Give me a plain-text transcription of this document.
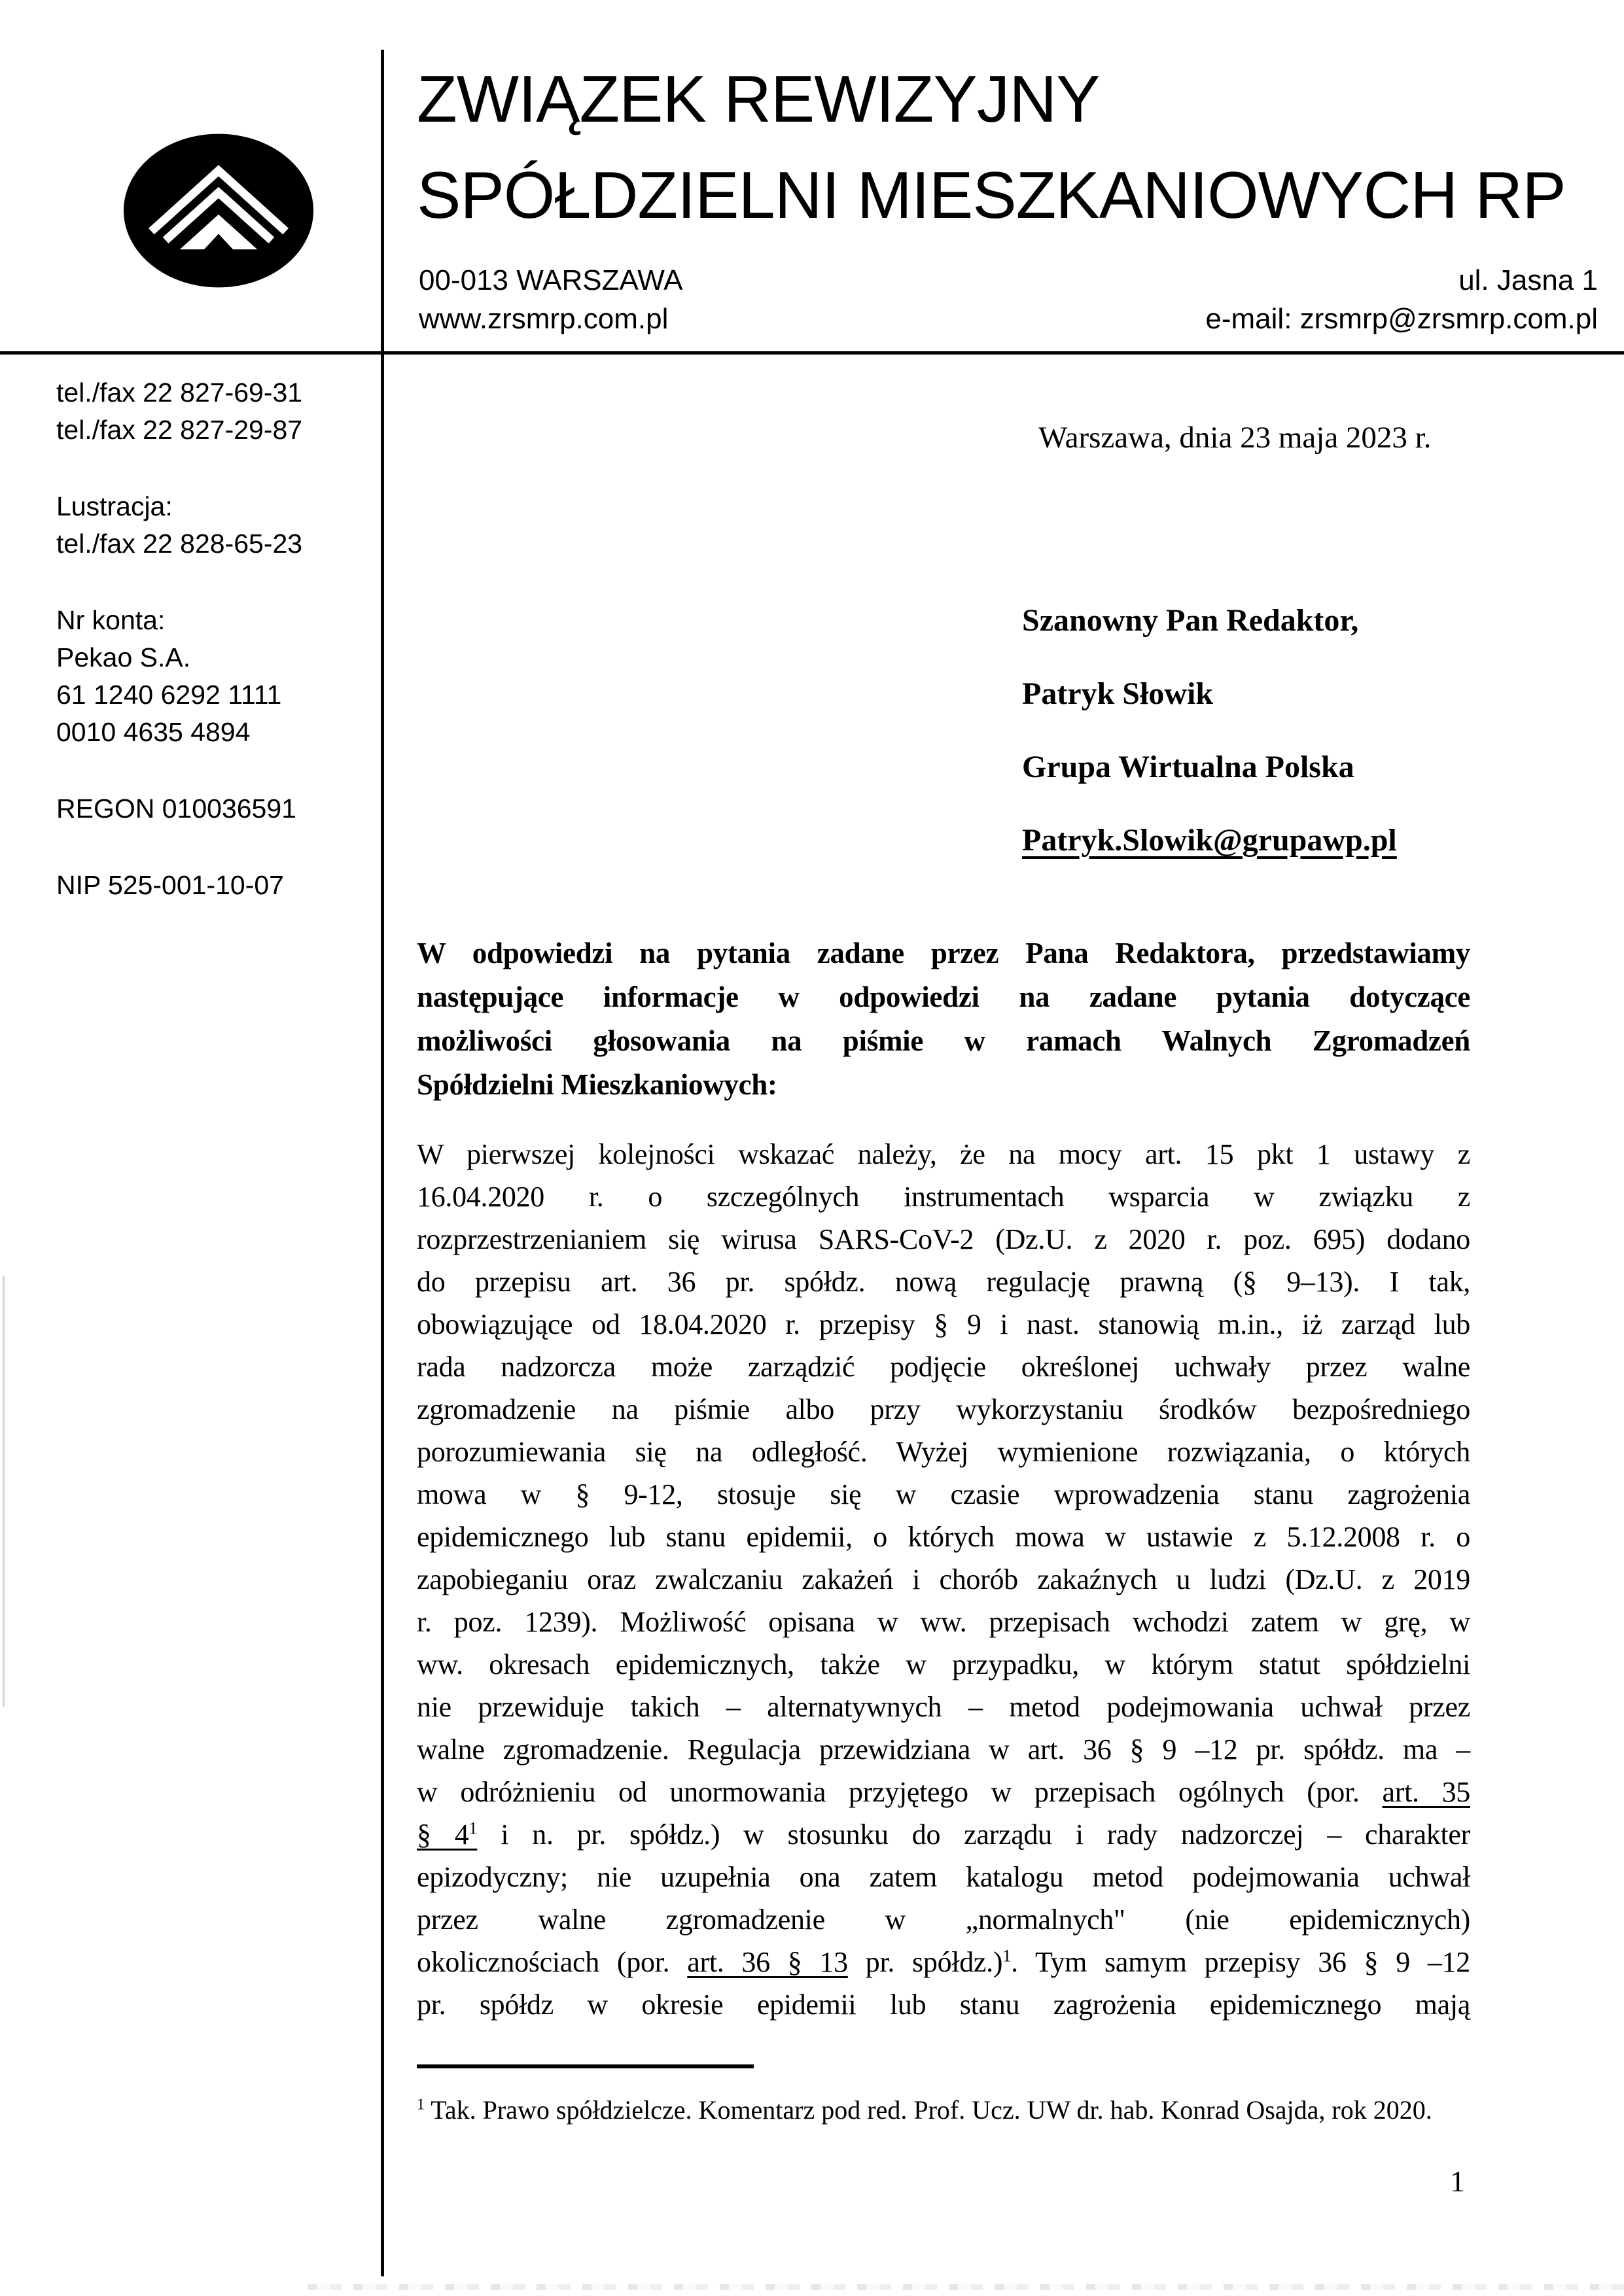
ZWIĄZEK REWIZYJNY
SPÓŁDZIELNI MIESZKANIOWYCH RP
00-013 WARSZAWA
www.zrsmrp.com.pl
ul. Jasna 1
e-mail: zrsmrp@zrsmrp.com.pl
tel./fax 22 827-69-31
tel./fax 22 827-29-87
Lustracja:
tel./fax 22 828-65-23
Nr konta:
Pekao S.A.
61 1240 6292 1111
0010 4635 4894
REGON 010036591
NIP 525-001-10-07
Warszawa, dnia 23 maja 2023 r.
Szanowny Pan Redaktor,
Patryk Słowik
Grupa Wirtualna Polska
Patryk.Slowik@grupawp.pl
W odpowiedzi na pytania zadane przez Pana Redaktora, przedstawiamy
następujące informacje w odpowiedzi na zadane pytania dotyczące
możliwości głosowania na piśmie w ramach Walnych Zgromadzeń
Spółdzielni Mieszkaniowych:
W pierwszej kolejności wskazać należy, że na mocy art. 15 pkt 1 ustawy z
16.04.2020 r. o szczególnych instrumentach wsparcia w związku z
rozprzestrzenianiem się wirusa SARS-CoV-2 (Dz.U. z 2020 r. poz. 695) dodano
do przepisu art. 36 pr. spółdz. nową regulację prawną (§ 9–13). I tak,
obowiązujące od 18.04.2020 r. przepisy § 9 i nast. stanowią m.in., iż zarząd lub
rada nadzorcza może zarządzić podjęcie określonej uchwały przez walne
zgromadzenie na piśmie albo przy wykorzystaniu środków bezpośredniego
porozumiewania się na odległość. Wyżej wymienione rozwiązania, o których
mowa w § 9-12, stosuje się w czasie wprowadzenia stanu zagrożenia
epidemicznego lub stanu epidemii, o których mowa w ustawie z 5.12.2008 r. o
zapobieganiu oraz zwalczaniu zakażeń i chorób zakaźnych u ludzi (Dz.U. z 2019
r. poz. 1239). Możliwość opisana w ww. przepisach wchodzi zatem w grę, w
ww. okresach epidemicznych, także w przypadku, w którym statut spółdzielni
nie przewiduje takich – alternatywnych – metod podejmowania uchwał przez
walne zgromadzenie. Regulacja przewidziana w art. 36 § 9 –12 pr. spółdz. ma –
w odróżnieniu od unormowania przyjętego w przepisach ogólnych (por. art. 35
§ $4^1$ i n. pr. spółdz.) w stosunku do zarządu i rady nadzorczej – charakter
epizodyczny; nie uzupełnia ona zatem katalogu metod podejmowania uchwał
przez walne zgromadzenie w „normalnych" (nie epidemicznych)
okolicznościach (por. art. 36 § 13 pr. spółdz.)$^1$. Tym samym przepisy 36 § 9 –12
pr. spółdz w okresie epidemii lub stanu zagrożenia epidemicznego mają
$^1$ Tak. Prawo spółdzielcze. Komentarz pod red. Prof. Ucz. UW dr. hab. Konrad Osajda, rok 2020.
1
